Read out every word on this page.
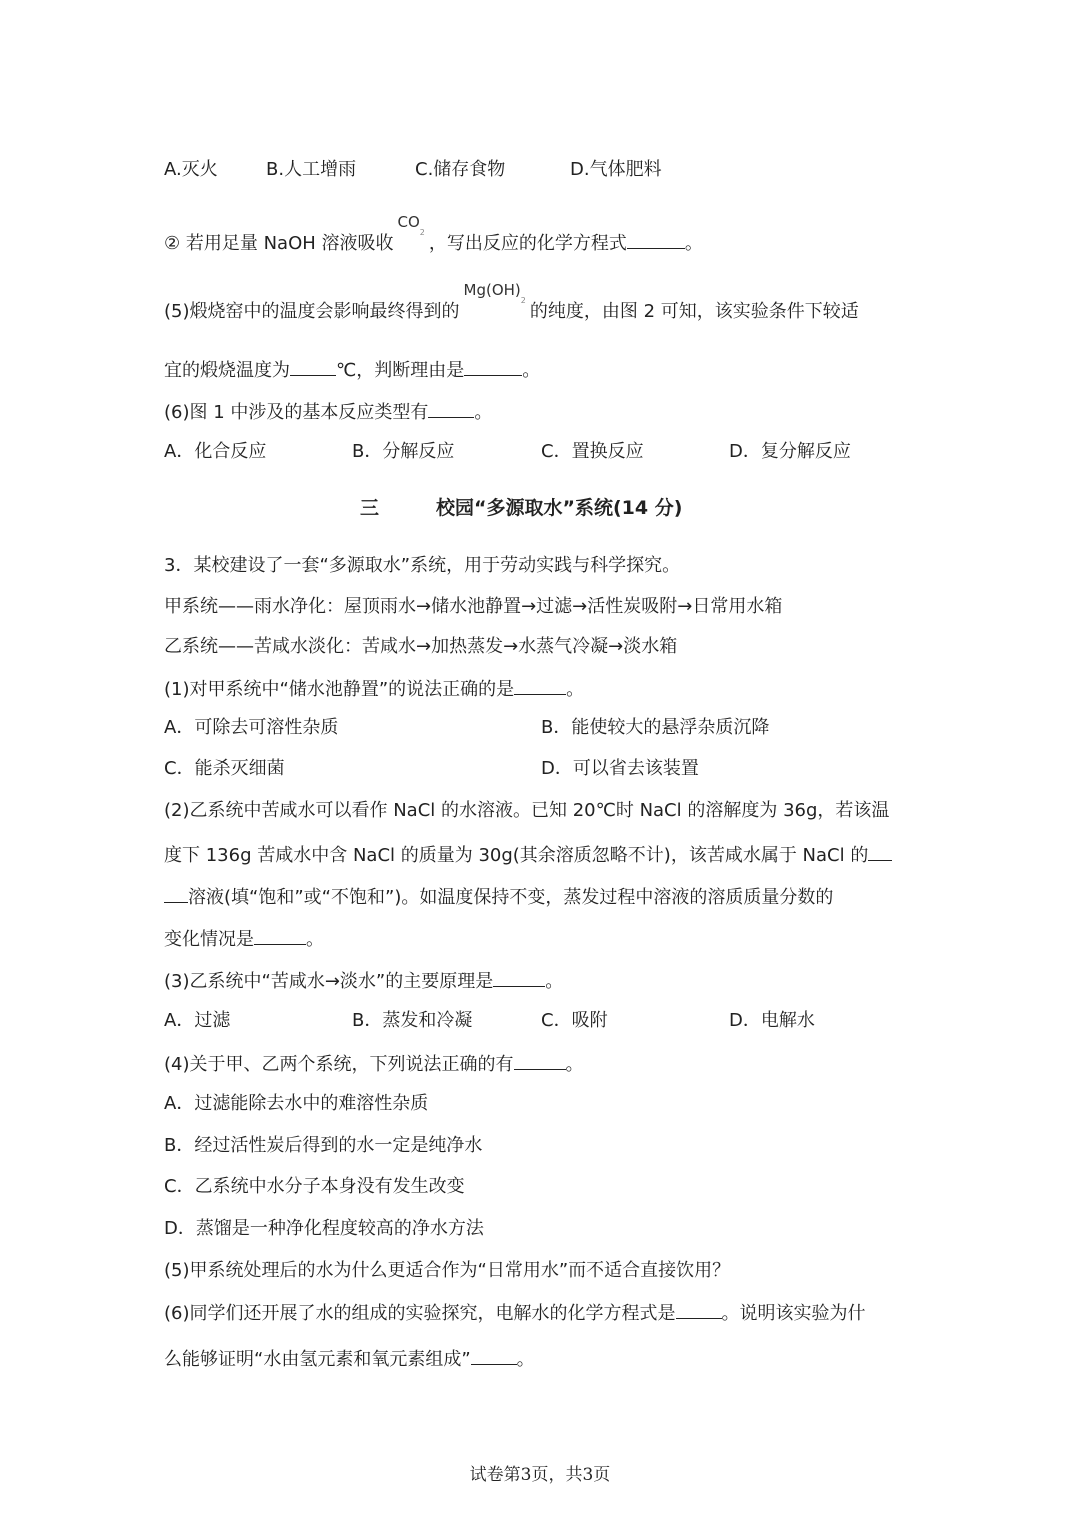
A.灭火	B.人工增雨	C.储存食物	D.气体肥料
② 若用足量 NaOH 溶液吸收$CO_2$，写出反应的化学方程式	。
(5)煅烧窑中的温度会影响最终得到的$Mg(OH)_2$的纯度，由图 2 可知，该实验条件下较适
宜的煅烧温度为	℃，判断理由是	。
(6)图 1 中涉及的基本反应类型有	。
A．化合反应	B．分解反应	C．置换反应	D．复分解反应
三	校园“多源取水”系统(14 分)
3．某校建设了一套“多源取水”系统，用于劳动实践与科学探究。
甲系统——雨水净化：屋顶雨水→储水池静置→过滤→活性炭吸附→日常用水箱
乙系统——苦咸水淡化：苦咸水→加热蒸发→水蒸气冷凝→淡水箱
(1)对甲系统中“储水池静置”的说法正确的是	。
A．可除去可溶性杂质	B．能使较大的悬浮杂质沉降
C．能杀灭细菌	D．可以省去该装置
(2)乙系统中苦咸水可以看作 NaCl 的水溶液。已知 20℃时 NaCl 的溶解度为 36g，若该温
度下 136g 苦咸水中含 NaCl 的质量为 30g(其余溶质忽略不计)，该苦咸水属于 NaCl 的
溶液(填“饱和”或“不饱和”)。如温度保持不变，蒸发过程中溶液的溶质质量分数的
变化情况是	。
(3)乙系统中“苦咸水→淡水”的主要原理是	。
A．过滤	B．蒸发和冷凝	C．吸附	D．电解水
(4)关于甲、乙两个系统，下列说法正确的有	。
A．过滤能除去水中的难溶性杂质
B．经过活性炭后得到的水一定是纯净水
C．乙系统中水分子本身没有发生改变
D．蒸馏是一种净化程度较高的净水方法
(5)甲系统处理后的水为什么更适合作为“日常用水”而不适合直接饮用？
(6)同学们还开展了水的组成的实验探究，电解水的化学方程式是	。说明该实验为什
么能够证明“水由氢元素和氧元素组成”	。
试卷第3页，共3页
